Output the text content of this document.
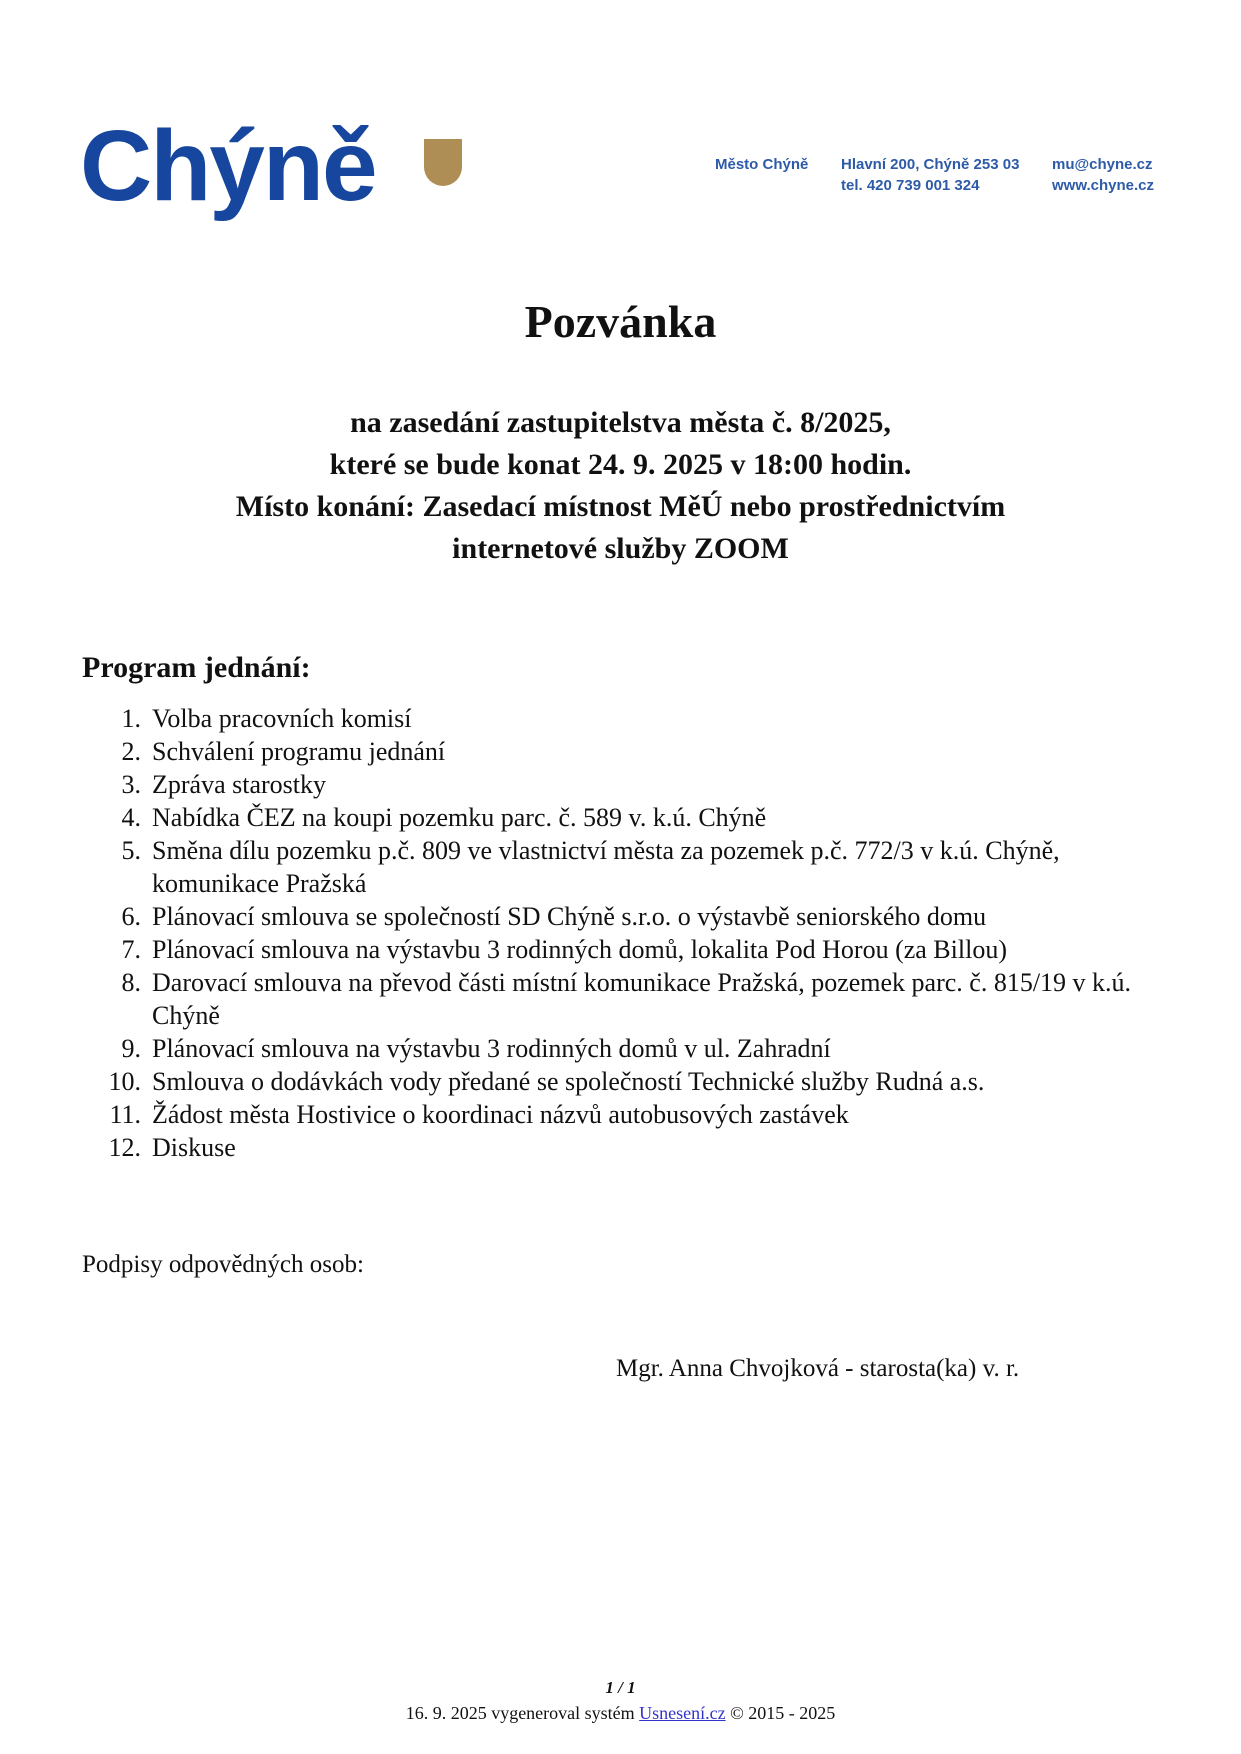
Chýně	Město Chýně Hlavní 200, Chýně 253 03
tel. 420 739 001 324
mu@chyne.cz
www.chyne.cz
Pozvánka
na zasedání zastupitelstva města č. 8/2025,
které se bude konat 24. 9. 2025 v 18:00 hodin.
Místo konání: Zasedací místnost MěÚ nebo prostřednictvím
internetové služby ZOOM
Program jednání:
Volba pracovních komisí
Schválení programu jednání
Zpráva starostky
Nabídka ČEZ na koupi pozemku parc. č. 589 v. k.ú. Chýně
Směna dílu pozemku p.č. 809 ve vlastnictví města za pozemek p.č. 772/3 v k.ú. Chýně, komunikace Pražská
Plánovací smlouva se společností SD Chýně s.r.o. o výstavbě seniorského domu
Plánovací smlouva na výstavbu 3 rodinných domů, lokalita Pod Horou (za Billou)
Darovací smlouva na převod části místní komunikace Pražská, pozemek parc. č. 815/19 v k.ú. Chýně
Plánovací smlouva na výstavbu 3 rodinných domů v ul. Zahradní
Smlouva o dodávkách vody předané se společností Technické služby Rudná a.s.
Žádost města Hostivice o koordinaci názvů autobusových zastávek
Diskuse

Podpisy odpovědných osob:

Mgr. Anna Chvojková - starosta(ka) v. r.

1 / 1
16. 9. 2025 vygeneroval systém Usnesení.cz © 2015 - 2025
